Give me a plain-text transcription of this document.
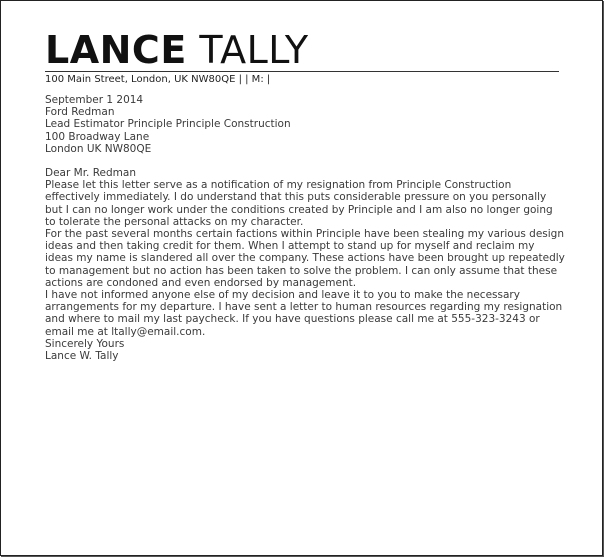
LANCE TALLY
100 Main Street, London, UK NW80QE | | M: |

September 1 2014

Ford Redman

Lead Estimator Principle Principle Construction

100 Broadway Lane

London UK NW80QE

Dear Mr. Redman

Please let this letter serve as a notification of my resignation from Principle Construction effectively immediately. I do understand that this puts considerable pressure on you personally but I can no longer work under the conditions created by Principle and I am also no longer going to tolerate the personal attacks on my character.

For the past several months certain factions within Principle have been stealing my various design ideas and then taking credit for them. When I attempt to stand up for myself and reclaim my ideas my name is slandered all over the company. These actions have been brought up repeatedly to management but no action has been taken to solve the problem. I can only assume that these actions are condoned and even endorsed by management.

I have not informed anyone else of my decision and leave it to you to make the necessary arrangements for my departure. I have sent a letter to human resources regarding my resignation and where to mail my last paycheck. If you have questions please call me at 555-323-3243 or email me at ltally@email.com.

Sincerely Yours

Lance W. Tally
